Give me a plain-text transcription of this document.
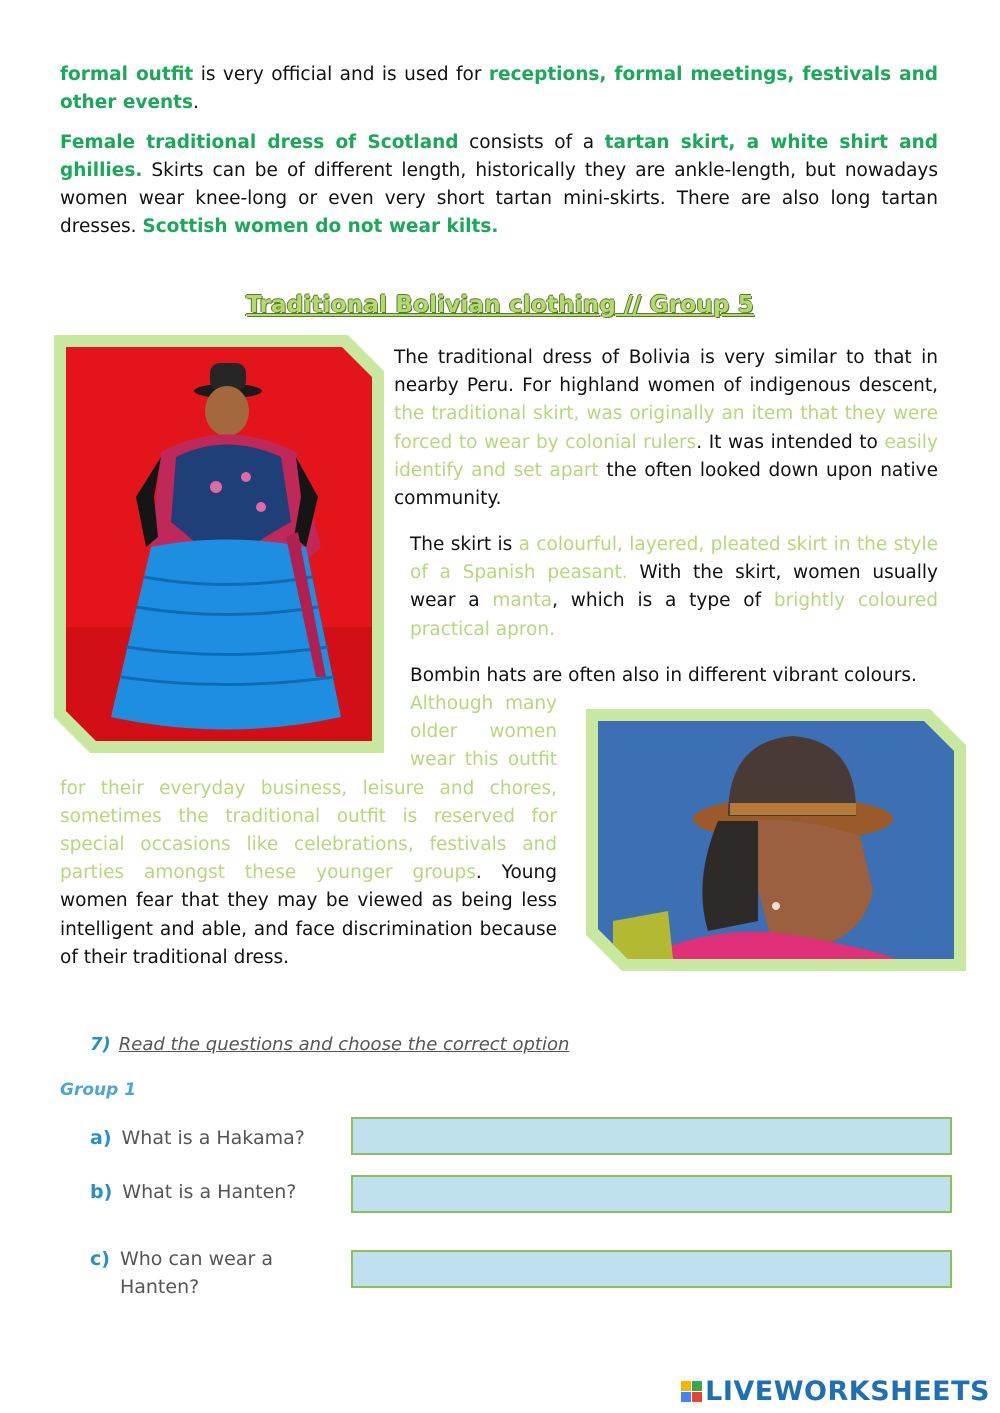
formal outfit is very official and is used for receptions, formal meetings, festivals and other events.

Female traditional dress of Scotland consists of a tartan skirt, a white shirt and ghillies. Skirts can be of different length, historically they are ankle-length, but nowadays women wear knee-long or even very short tartan mini-skirts. There are also long tartan dresses. Scottish women do not wear kilts.

Traditional Bolivian clothing // Group 5

The traditional dress of Bolivia is very similar to that in nearby Peru. For highland women of indigenous descent, the traditional skirt, was originally an item that they were forced to wear by colonial rulers. It was intended to easily identify and set apart the often looked down upon native community.

The skirt is a colourful, layered, pleated skirt in the style of a Spanish peasant. With the skirt, women usually wear a manta, which is a type of brightly coloured practical apron.

Bombin hats are often also in different vibrant colours.

Although many older women wear this outfit for their everyday business, leisure and chores, sometimes the traditional outfit is reserved for special occasions like celebrations, festivals and parties amongst these younger groups. Young women fear that they may be viewed as being less intelligent and able, and face discrimination because of their traditional dress.
7) Read the questions and choose the correct option
Group 1
a) What is a Hakama?
b) What is a Hanten?
c) Who can wear a Hanten?
LIVEWORKSHEETS
